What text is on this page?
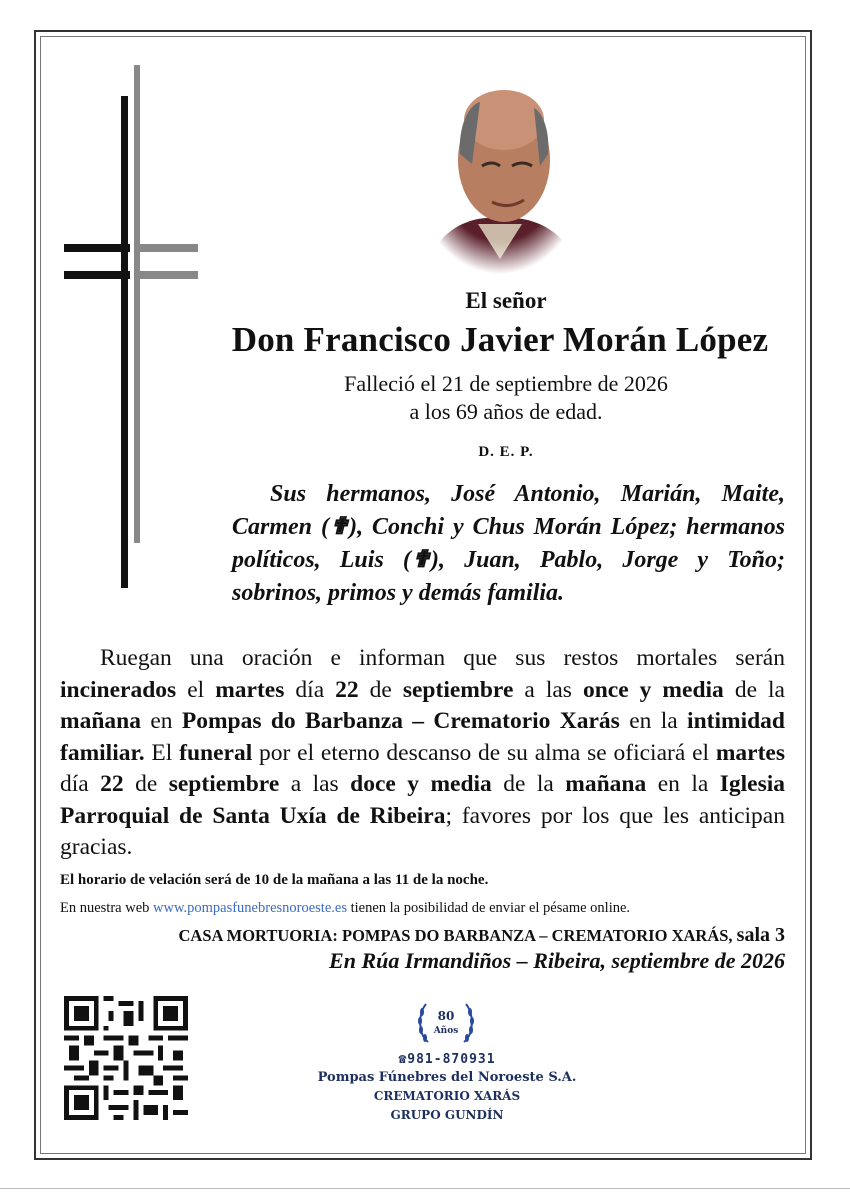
El señor
Don Francisco Javier Morán López
Falleció el 21 de septiembre de 2026
a los 69 años de edad.
D. E. P.
Sus hermanos, José Antonio, Marián, Maite, Carmen (✟), Conchi y Chus Morán López; hermanos políticos, Luis (✟), Juan, Pablo, Jorge y Toño; sobrinos, primos y demás familia.
Ruegan una oración e informan que sus restos mortales serán incinerados el martes día 22 de septiembre a las once y media de la mañana en Pompas do Barbanza – Crematorio Xarás en la intimidad familiar. El funeral por el eterno descanso de su alma se oficiará el martes día 22 de septiembre a las doce y media de la mañana en la Iglesia Parroquial de Santa Uxía de Ribeira; favores por los que les anticipan gracias.
El horario de velación será de 10 de la mañana a las 11 de la noche.
En nuestra web www.pompasfunebresnoroeste.es tienen la posibilidad de enviar el pésame online.
CASA MORTUORIA: POMPAS DO BARBANZA – CREMATORIO XARÁS, sala 3
En Rúa Irmandiños – Ribeira, septiembre de 2026
80
Años
☎981-870931
Pompas Fúnebres del Noroeste S.A.
CREMATORIO XARÁS
GRUPO GUNDÍN
